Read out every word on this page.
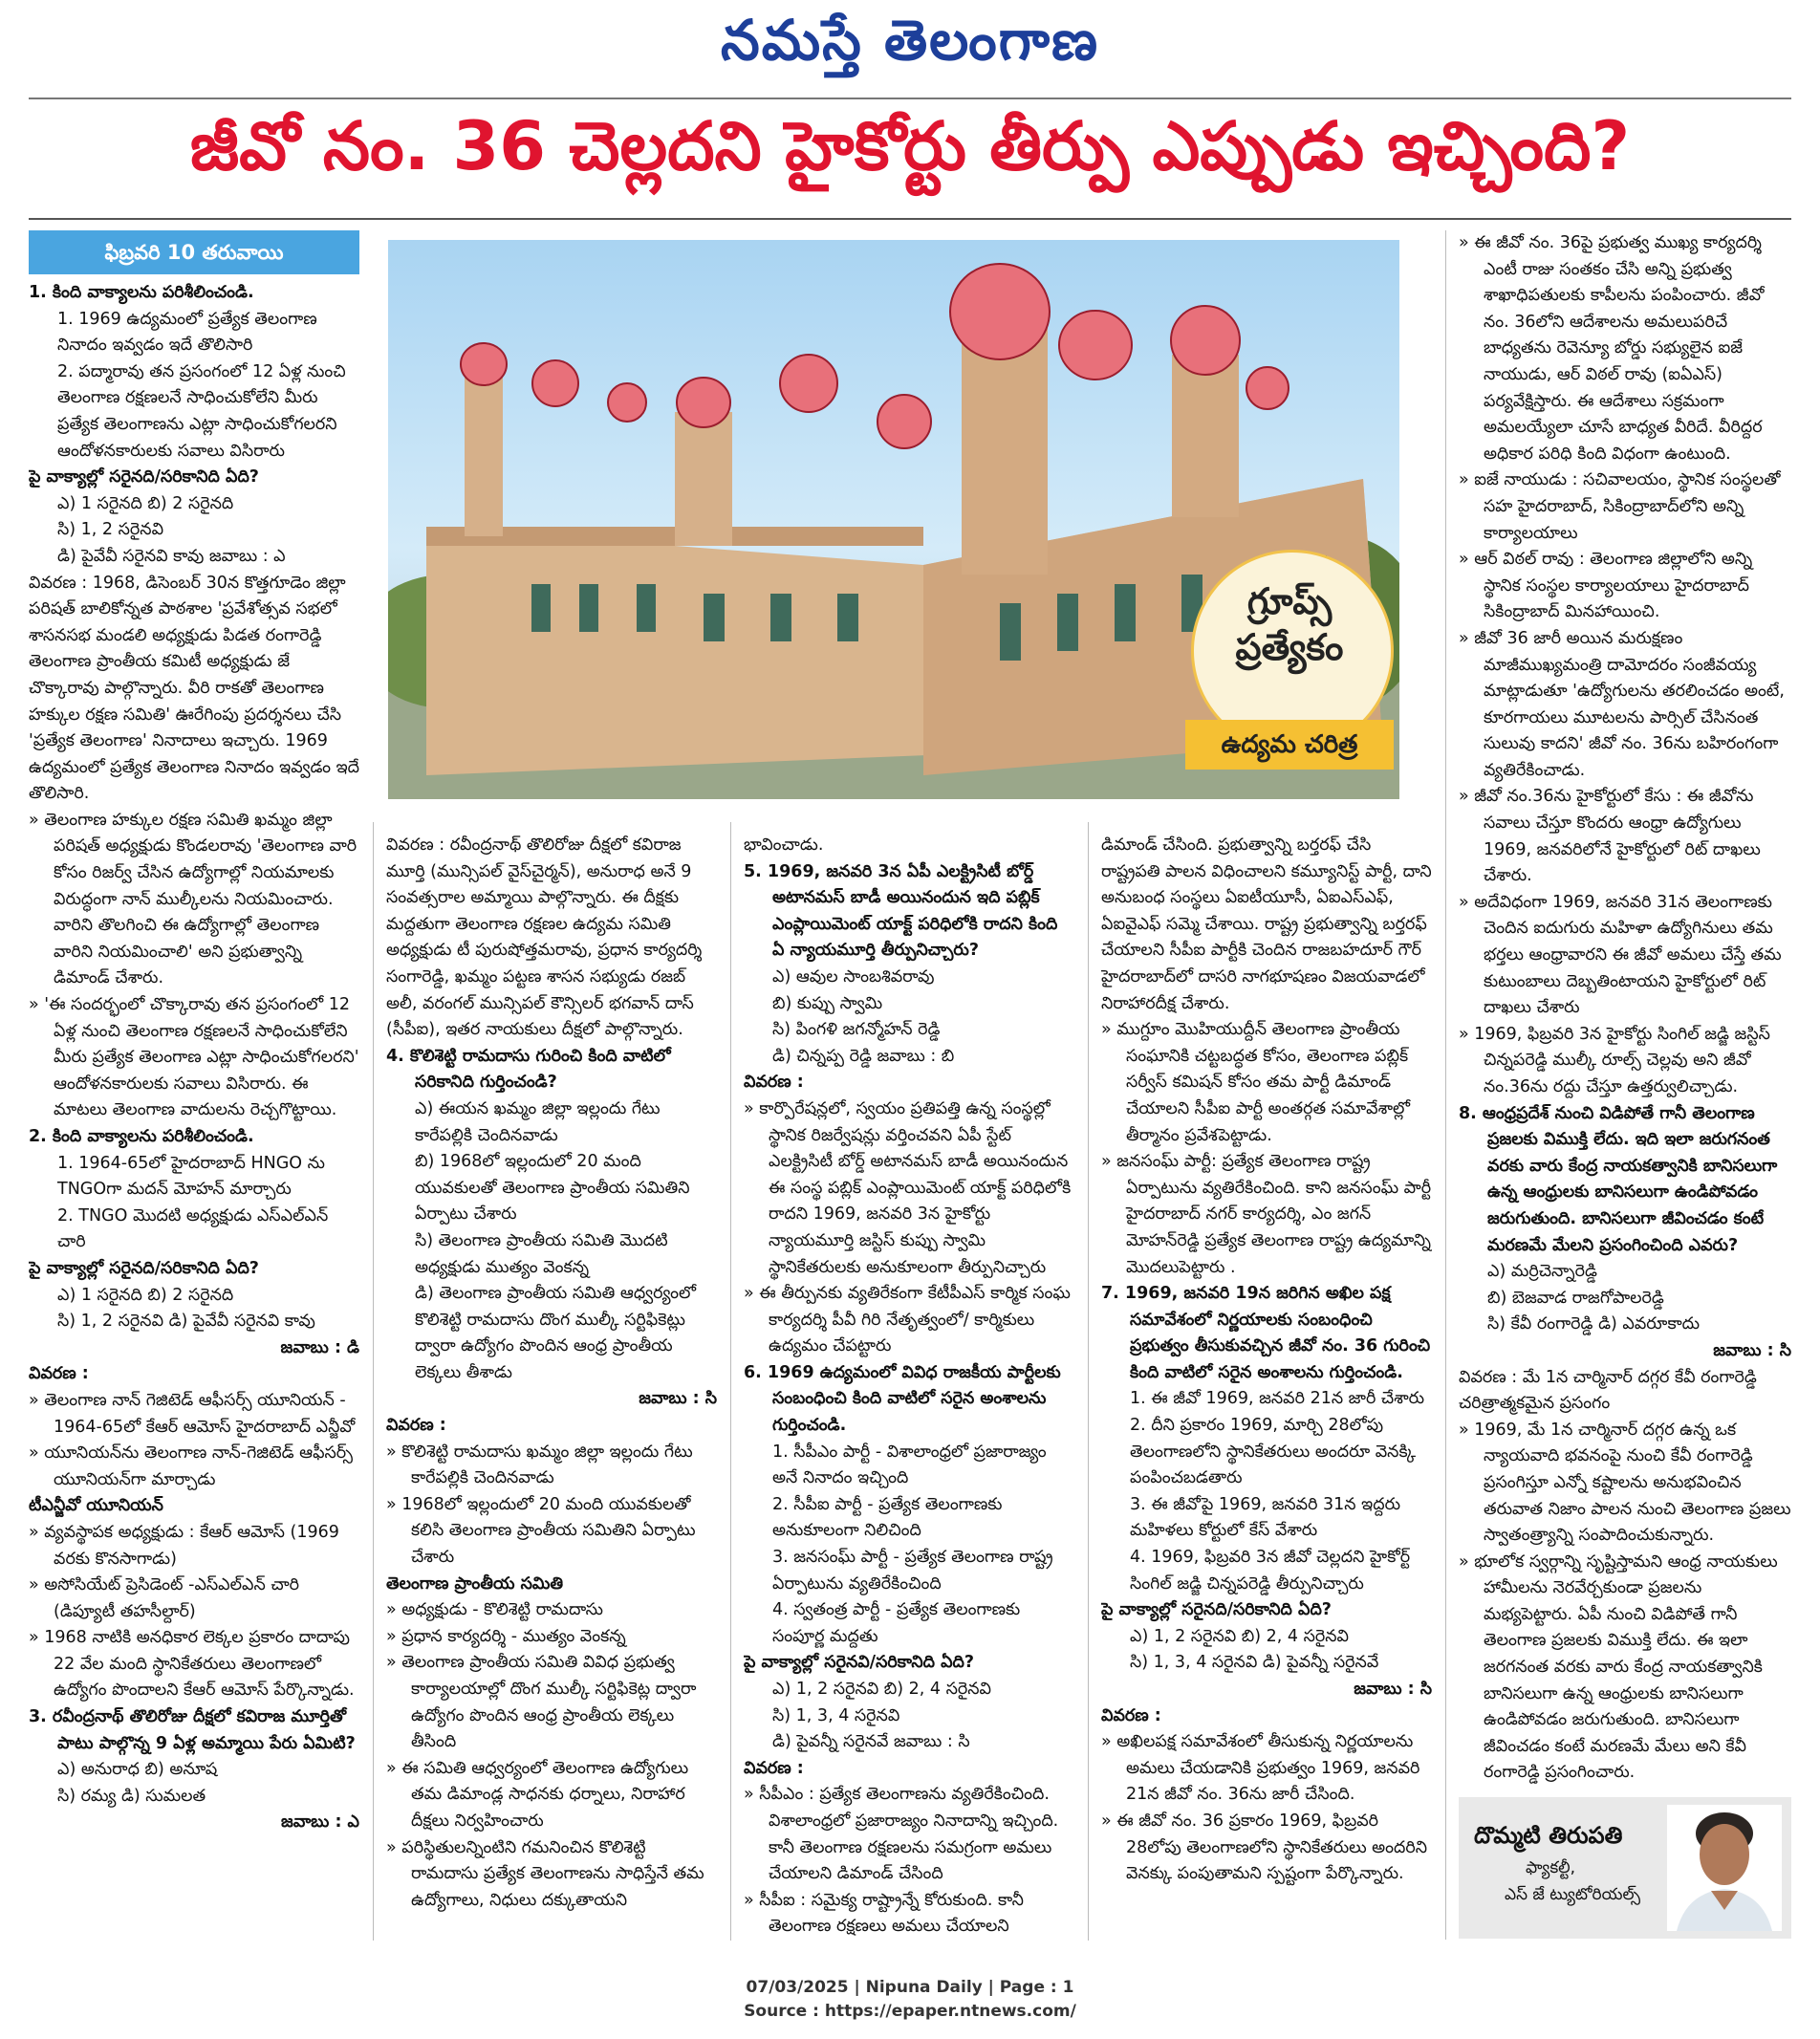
నమస్తే తెలంగాణ
జీవో నం. 36 చెల్లదని హైకోర్టు తీర్పు ఎప్పుడు ఇచ్చింది?
ఫిబ్రవరి 10 తరువాయి

1. కింది వాక్యాలను పరిశీలించండి.

1. 1969 ఉద్యమంలో ప్రత్యేక తెలంగాణ నినాదం ఇవ్వడం ఇదే తొలిసారి

2. పద్మారావు తన ప్రసంగంలో 12 ఏళ్ల నుంచి తెలంగాణ రక్షణలనే సాధించుకోలేని మీరు ప్రత్యేక తెలంగాణను ఎట్లా సాధించుకోగలరని ఆందోళనకారులకు సవాలు విసిరారు

పై వాక్యాల్లో సరైనది/సరికానిది ఏది?

ఎ) 1 సరైనది బి) 2 సరైనది

సి) 1, 2 సరైనవి

డి) పైవేవీ సరైనవి కావు జవాబు : ఎ

వివరణ : 1968, డిసెంబర్ 30న కొత్తగూడెం జిల్లా పరిషత్ బాలికోన్నత పాఠశాల 'ప్రవేశోత్సవ సభలో శాసనసభ మండలి అధ్యక్షుడు పిడత రంగారెడ్డి తెలంగాణ ప్రాంతీయ కమిటీ అధ్యక్షుడు జే చొక్కారావు పాల్గొన్నారు. వీరి రాకతో తెలంగాణ హక్కుల రక్షణ సమితి' ఊరేగింపు ప్రదర్శనలు చేసి 'ప్రత్యేక తెలంగాణ' నినాదాలు ఇచ్చారు. 1969 ఉద్యమంలో ప్రత్యేక తెలంగాణ నినాదం ఇవ్వడం ఇదే తొలిసారి.

» తెలంగాణ హక్కుల రక్షణ సమితి ఖమ్మం జిల్లా పరిషత్ అధ్యక్షుడు కొండలరావు 'తెలంగాణ వారి కోసం రిజర్వ్ చేసిన ఉద్యోగాల్లో నియమాలకు విరుద్ధంగా నాన్ ముల్కీలను నియమించారు. వారిని తొలగించి ఈ ఉద్యోగాల్లో తెలంగాణ వారిని నియమించాలి' అని ప్రభుత్వాన్ని డిమాండ్ చేశారు.

» 'ఈ సందర్భంలో చొక్కారావు తన ప్రసంగంలో 12 ఏళ్ల నుంచి తెలంగాణ రక్షణలనే సాధించుకోలేని మీరు ప్రత్యేక తెలంగాణ ఎట్లా సాధించుకోగలరని' ఆందోళనకారులకు సవాలు విసిరారు. ఈ మాటలు తెలంగాణ వాదులను రెచ్చగొట్టాయి.

2. కింది వాక్యాలను పరిశీలించండి.

1. 1964-65లో హైదరాబాద్ HNGO ను TNGOగా మదన్ మోహన్ మార్చారు

2. TNGO మొదటి అధ్యక్షుడు ఎస్ఎల్ఎన్ చారి

పై వాక్యాల్లో సరైనది/సరికానిది ఏది?

ఎ) 1 సరైనది బి) 2 సరైనది

సి) 1, 2 సరైనవి డి) పైవేవీ సరైనవి కావు

జవాబు : డి

వివరణ :

» తెలంగాణ నాన్ గెజిటెడ్ ఆఫీసర్స్ యూనియన్ - 1964-65లో కేఆర్ ఆమోస్ హైదరాబాద్ ఎన్జీవో

» యూనియన్‌ను తెలంగాణ నాన్-గెజిటెడ్ ఆఫీసర్స్ యూనియన్‌గా మార్చాడు

టీఎన్జీవో యూనియన్

» వ్యవస్థాపక అధ్యక్షుడు : కేఆర్ ఆమోస్ (1969 వరకు కొనసాగాడు)

» అసోసియేట్ ప్రెసిడెంట్ -ఎస్ఎల్ఎన్ చారి (డిప్యూటీ తహసీల్దార్)

» 1968 నాటికి అనధికార లెక్కల ప్రకారం దాదాపు 22 వేల మంది స్థానికేతరులు తెలంగాణలో ఉద్యోగం పొందాలని కేఆర్ ఆమోస్ పేర్కొన్నాడు.

3. రవీంద్రనాథ్ తొలిరోజు దీక్షలో కవిరాజ మూర్తితో పాటు పాల్గొన్న 9 ఏళ్ల అమ్మాయి పేరు ఏమిటి?

ఎ) అనురాధ బి) అనూష

సి) రమ్య డి) సుమలత

జవాబు : ఎ

వివరణ : రవీంద్రనాథ్ తొలిరోజు దీక్షలో కవిరాజ మూర్తి (మున్సిపల్ వైస్‌చైర్మన్), అనురాధ అనే 9 సంవత్సరాల అమ్మాయి పాల్గొన్నారు. ఈ దీక్షకు మద్దతుగా తెలంగాణ రక్షణల ఉద్యమ సమితి అధ్యక్షుడు టీ పురుషోత్తమరావు, ప్రధాన కార్యదర్శి సంగారెడ్డి, ఖమ్మం పట్టణ శాసన సభ్యుడు రజబ్ అలీ, వరంగల్ మున్సిపల్ కౌన్సిలర్ భగవాన్ దాస్ (సీపీఐ), ఇతర నాయకులు దీక్షలో పాల్గొన్నారు.

4. కొలిశెట్టి రామదాసు గురించి కింది వాటిలో సరికానిది గుర్తించండి?

ఎ) ఈయన ఖమ్మం జిల్లా ఇల్లందు గేటు కారేపల్లికి చెందినవాడు

బి) 1968లో ఇల్లందులో 20 మంది యువకులతో తెలంగాణ ప్రాంతీయ సమితిని ఏర్పాటు చేశారు

సి) తెలంగాణ ప్రాంతీయ సమితి మొదటి అధ్యక్షుడు ముత్యం వెంకన్న

డి) తెలంగాణ ప్రాంతీయ సమితి ఆధ్వర్యంలో కొలిశెట్టి రామదాసు దొంగ ముల్కీ సర్టిఫికెట్లు ద్వారా ఉద్యోగం పొందిన ఆంధ్ర ప్రాంతీయ లెక్కలు తీశాడు

జవాబు : సి

వివరణ :

» కొలిశెట్టి రామదాసు ఖమ్మం జిల్లా ఇల్లందు గేటు కారేపల్లికి చెందినవాడు

» 1968లో ఇల్లందులో 20 మంది యువకులతో కలిసి తెలంగాణ ప్రాంతీయ సమితిని ఏర్పాటు చేశారు

తెలంగాణ ప్రాంతీయ సమితి

» అధ్యక్షుడు - కొలిశెట్టి రామదాసు

» ప్రధాన కార్యదర్శి - ముత్యం వెంకన్న

» తెలంగాణ ప్రాంతీయ సమితి వివిధ ప్రభుత్వ కార్యాలయాల్లో దొంగ ముల్కీ సర్టిఫికెట్ల ద్వారా ఉద్యోగం పొందిన ఆంధ్ర ప్రాంతీయ లెక్కలు తీసింది

» ఈ సమితి ఆధ్వర్యంలో తెలంగాణ ఉద్యోగులు తమ డిమాండ్ల సాధనకు ధర్నాలు, నిరాహార దీక్షలు నిర్వహించారు

» పరిస్థితులన్నింటిని గమనించిన కొలిశెట్టి రామదాసు ప్రత్యేక తెలంగాణను సాధిస్తేనే తమ ఉద్యోగాలు, నిధులు దక్కుతాయని

భావించాడు.

5. 1969, జనవరి 3న ఏపీ ఎలక్ట్రిసిటీ బోర్డ్ అటానమస్ బాడీ అయినందున ఇది పబ్లిక్ ఎంప్లాయిమెంట్ యాక్ట్ పరిధిలోకి రాదని కింది ఏ న్యాయమూర్తి తీర్పునిచ్చారు?

ఎ) ఆవుల సాంబశివరావు

బి) కుప్పు స్వామి

సి) పింగళి జగన్మోహన్ రెడ్డి

డి) చిన్నప్ప రెడ్డి జవాబు : బి

వివరణ :

» కార్పొరేషన్లలో, స్వయం ప్రతిపత్తి ఉన్న సంస్థల్లో స్థానిక రిజర్వేషన్లు వర్తించవని ఏపీ స్టేట్ ఎలక్ట్రిసిటీ బోర్డ్ అటానమస్ బాడీ అయినందున ఈ సంస్థ పబ్లిక్ ఎంప్లాయిమెంట్ యాక్ట్ పరిధిలోకి రాదని 1969, జనవరి 3న హైకోర్టు న్యాయమూర్తి జస్టిస్ కుప్పు స్వామి స్థానికేతరులకు అనుకూలంగా తీర్పునిచ్చారు

» ఈ తీర్పునకు వ్యతిరేకంగా కేటీపీఎస్ కార్మిక సంఘ కార్యదర్శి పీవీ గిరి నేతృత్వంలో/ కార్మికులు ఉద్యమం చేపట్టారు

6. 1969 ఉద్యమంలో వివిధ రాజకీయ పార్టీలకు సంబంధించి కింది వాటిలో సరైన అంశాలను గుర్తించండి.

1. సీపీఎం పార్టీ - విశాలాంధ్రలో ప్రజారాజ్యం అనే నినాదం ఇచ్చింది

2. సీపీఐ పార్టీ - ప్రత్యేక తెలంగాణకు అనుకూలంగా నిలిచింది

3. జనసంఘ్ పార్టీ - ప్రత్యేక తెలంగాణ రాష్ట్ర ఏర్పాటును వ్యతిరేకించింది

4. స్వతంత్ర పార్టీ - ప్రత్యేక తెలంగాణకు సంపూర్ణ మద్దతు

పై వాక్యాల్లో సరైనవి/సరికానిది ఏది?

ఎ) 1, 2 సరైనవి బి) 2, 4 సరైనవి

సి) 1, 3, 4 సరైనవి

డి) పైవన్నీ సరైనవే జవాబు : సి

వివరణ :

» సీపీఎం : ప్రత్యేక తెలంగాణను వ్యతిరేకించింది. విశాలాంధ్రలో ప్రజారాజ్యం నినాదాన్ని ఇచ్చింది. కానీ తెలంగాణ రక్షణలను సమగ్రంగా అమలు చేయాలని డిమాండ్ చేసింది

» సీపీఐ : సమైక్య రాష్ట్రాన్నే కోరుకుంది. కానీ తెలంగాణ రక్షణలు అమలు చేయాలని

డిమాండ్ చేసింది. ప్రభుత్వాన్ని బర్తరఫ్ చేసి రాష్ట్రపతి పాలన విధించాలని కమ్యూనిస్ట్ పార్టీ, దాని అనుబంధ సంస్థలు ఏఐటీయూసీ, ఏఐఎస్ఎఫ్, ఏఐవైఎఫ్ సమ్మె చేశాయి. రాష్ట్ర ప్రభుత్వాన్ని బర్తరఫ్ చేయాలని సీపీఐ పార్టీకి చెందిన రాజబహదూర్ గౌర్ హైదరాబాద్‌లో దాసరి నాగభూషణం విజయవాడలో నిరాహారదీక్ష చేశారు.

» ముగ్దూం మొహియుద్దీన్ తెలంగాణ ప్రాంతీయ సంఘానికి చట్టబద్ధత కోసం, తెలంగాణ పబ్లిక్ సర్వీస్ కమిషన్ కోసం తమ పార్టీ డిమాండ్ చేయాలని సీపీఐ పార్టీ అంతర్గత సమావేశాల్లో తీర్మానం ప్రవేశపెట్టాడు.

» జనసంఘ్ పార్టీ: ప్రత్యేక తెలంగాణ రాష్ట్ర ఏర్పాటును వ్యతిరేకించింది. కాని జనసంఘ్ పార్టీ హైదరాబాద్ నగర్ కార్యదర్శి, ఎం జగన్ మోహన్‌రెడ్డి ప్రత్యేక తెలంగాణ రాష్ట్ర ఉద్యమాన్ని మొదలుపెట్టారు .

7. 1969, జనవరి 19న జరిగిన అఖిల పక్ష సమావేశంలో నిర్ణయాలకు సంబంధించి ప్రభుత్వం తీసుకువచ్చిన జీవో నం. 36 గురించి కింది వాటిలో సరైన అంశాలను గుర్తించండి.

1. ఈ జీవో 1969, జనవరి 21న జారీ చేశారు

2. దీని ప్రకారం 1969, మార్చి 28లోపు తెలంగాణలోని స్థానికేతరులు అందరూ వెనక్కి పంపించబడతారు

3. ఈ జీవోపై 1969, జనవరి 31న ఇద్దరు మహిళలు కోర్టులో కేస్ వేశారు

4. 1969, ఫిబ్రవరి 3న జీవో చెల్లదని హైకోర్ట్ సింగిల్ జడ్జి చిన్నపరెడ్డి తీర్పునిచ్చారు

పై వాక్యాల్లో సరైనది/సరికానిది ఏది?

ఎ) 1, 2 సరైనవి బి) 2, 4 సరైనవి

సి) 1, 3, 4 సరైనవి డి) పైవన్నీ సరైనవే

జవాబు : సి

వివరణ :

» అఖిలపక్ష సమావేశంలో తీసుకున్న నిర్ణయాలను అమలు చేయడానికి ప్రభుత్వం 1969, జనవరి 21న జీవో నం. 36ను జారీ చేసింది.

» ఈ జీవో నం. 36 ప్రకారం 1969, ఫిబ్రవరి 28లోపు తెలంగాణలోని స్థానికేతరులు అందరిని వెనక్కు పంపుతామని స్పష్టంగా పేర్కొన్నారు.

» ఈ జీవో నం. 36పై ప్రభుత్వ ముఖ్య కార్యదర్శి ఎంటీ రాజు సంతకం చేసి అన్ని ప్రభుత్వ శాఖాధిపతులకు కాపీలను పంపించారు. జీవో నం. 36లోని ఆదేశాలను అమలుపరిచే బాధ్యతను రెవెన్యూ బోర్డు సభ్యులైన ఐజే నాయుడు, ఆర్ విఠల్ రావు (ఐఏఎస్) పర్యవేక్షిస్తారు. ఈ ఆదేశాలు సక్రమంగా అమలయ్యేలా చూసే బాధ్యత వీరిదే. వీరిద్దర అధికార పరిధి కింది విధంగా ఉంటుంది.

» ఐజే నాయుడు : సచివాలయం, స్థానిక సంస్థలతో సహ హైదరాబాద్, సికింద్రాబాద్‌లోని అన్ని కార్యాలయాలు

» ఆర్ విఠల్ రావు : తెలంగాణ జిల్లాలోని అన్ని స్థానిక సంస్థల కార్యాలయాలు హైదరాబాద్ సికింద్రాబాద్ మినహాయించి.

» జీవో 36 జారీ అయిన మరుక్షణం మాజీముఖ్యమంత్రి దామోదరం సంజీవయ్య మాట్లాడుతూ 'ఉద్యోగులను తరలించడం అంటే, కూరగాయలు మూటలను పార్సిల్ చేసినంత సులువు కాదని' జీవో నం. 36ను బహిరంగంగా వ్యతిరేకించాడు.

» జీవో నం.36ను హైకోర్టులో కేసు : ఈ జీవోను సవాలు చేస్తూ కొందరు ఆంధ్రా ఉద్యోగులు 1969, జనవరిలోనే హైకోర్టులో రిట్ దాఖలు చేశారు.

» అదేవిధంగా 1969, జనవరి 31న తెలంగాణకు చెందిన ఐదుగురు మహిళా ఉద్యోగినులు తమ భర్తలు ఆంధ్రావారని ఈ జీవో అమలు చేస్తే తమ కుటుంబాలు దెబ్బతింటాయని హైకోర్టులో రిట్ దాఖలు చేశారు

» 1969, ఫిబ్రవరి 3న హైకోర్టు సింగిల్ జడ్జి జస్టిస్ చిన్నపరెడ్డి ముల్కీ రూల్స్ చెల్లవు అని జీవో నం.36ను రద్దు చేస్తూ ఉత్తర్వులిచ్చాడు.

8. ఆంధ్రప్రదేశ్ నుంచి విడిపోతే గానీ తెలంగాణ ప్రజలకు విముక్తి లేదు. ఇది ఇలా జరుగనంత వరకు వారు కేంద్ర నాయకత్వానికి బానిసలుగా ఉన్న ఆంధ్రులకు బానిసలుగా ఉండిపోవడం జరుగుతుంది. బానిసలుగా జీవించడం కంటే మరణమే మేలని ప్రసంగించింది ఎవరు?

ఎ) మర్రిచెన్నారెడ్డి

బి) బెజవాడ రాజగోపాలరెడ్డి

సి) కేవీ రంగారెడ్డి డి) ఎవరూకాదు

జవాబు : సి

వివరణ : మే 1న చార్మినార్ దగ్గర కేవీ రంగారెడ్డి చరిత్రాత్మకమైన ప్రసంగం

» 1969, మే 1న చార్మినార్ దగ్గర ఉన్న ఒక న్యాయవాది భవనంపై నుంచి కేవీ రంగారెడ్డి ప్రసంగిస్తూ ఎన్నో కష్టాలను అనుభవించిన తరువాత నిజాం పాలన నుంచి తెలంగాణ ప్రజలు స్వాతంత్ర్యాన్ని సంపాదించుకున్నారు.

» భూలోక స్వర్గాన్ని సృష్టిస్తామని ఆంధ్ర నాయకులు హామీలను నెరవేర్చకుండా ప్రజలను మభ్యపెట్టారు. ఏపీ నుంచి విడిపోతే గానీ తెలంగాణ ప్రజలకు విముక్తి లేదు. ఈ ఇలా జరగనంత వరకు వారు కేంద్ర నాయకత్వానికి బానిసలుగా ఉన్న ఆంధ్రులకు బానిసలుగా ఉండిపోవడం జరుగుతుంది. బానిసలుగా జీవించడం కంటే మరణమే మేలు అని కేవీ రంగారెడ్డి ప్రసంగించారు.

గ్రూప్స్
ప్రత్యేకం
ఉద్యమ చరిత్ర
దొమ్మటి తిరుపతి
ఫ్యాకల్టీ,
ఎస్ జే ట్యుటోరియల్స్
07/03/2025 | Nipuna Daily | Page : 1
Source : https://epaper.ntnews.com/
